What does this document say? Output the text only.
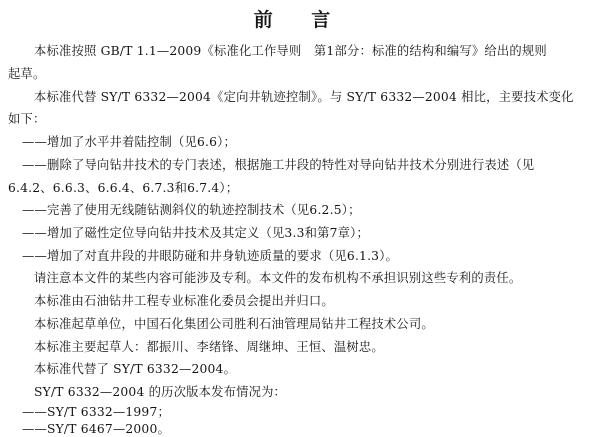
前 言
本标准按照 GB/T 1.1—2009《标准化工作导则　第1部分：标准的结构和编写》给出的规则
起草。
本标准代替 SY/T 6332—2004《定向井轨迹控制》。与 SY/T 6332—2004 相比，主要技术变化
如下：
——增加了水平井着陆控制（见6.6）；
——删除了导向钻井技术的专门表述，根据施工井段的特性对导向钻井技术分别进行表述（见
6.4.2、6.6.3、6.6.4、6.7.3和6.7.4）；
——完善了使用无线随钻测斜仪的轨迹控制技术（见6.2.5）；
——增加了磁性定位导向钻井技术及其定义（见3.3和第7章）；
——增加了对直井段的井眼防碰和井身轨迹质量的要求（见6.1.3）。
请注意本文件的某些内容可能涉及专利。本文件的发布机构不承担识别这些专利的责任。
本标准由石油钻井工程专业标准化委员会提出并归口。
本标准起草单位，中国石化集团公司胜利石油管理局钻井工程技术公司。
本标准主要起草人：都振川、李绪锋、周继坤、王恒、温树忠。
本标准代替了 SY/T 6332—2004。
SY/T 6332—2004 的历次版本发布情况为：
——SY/T 6332—1997；
——SY/T 6467—2000。
